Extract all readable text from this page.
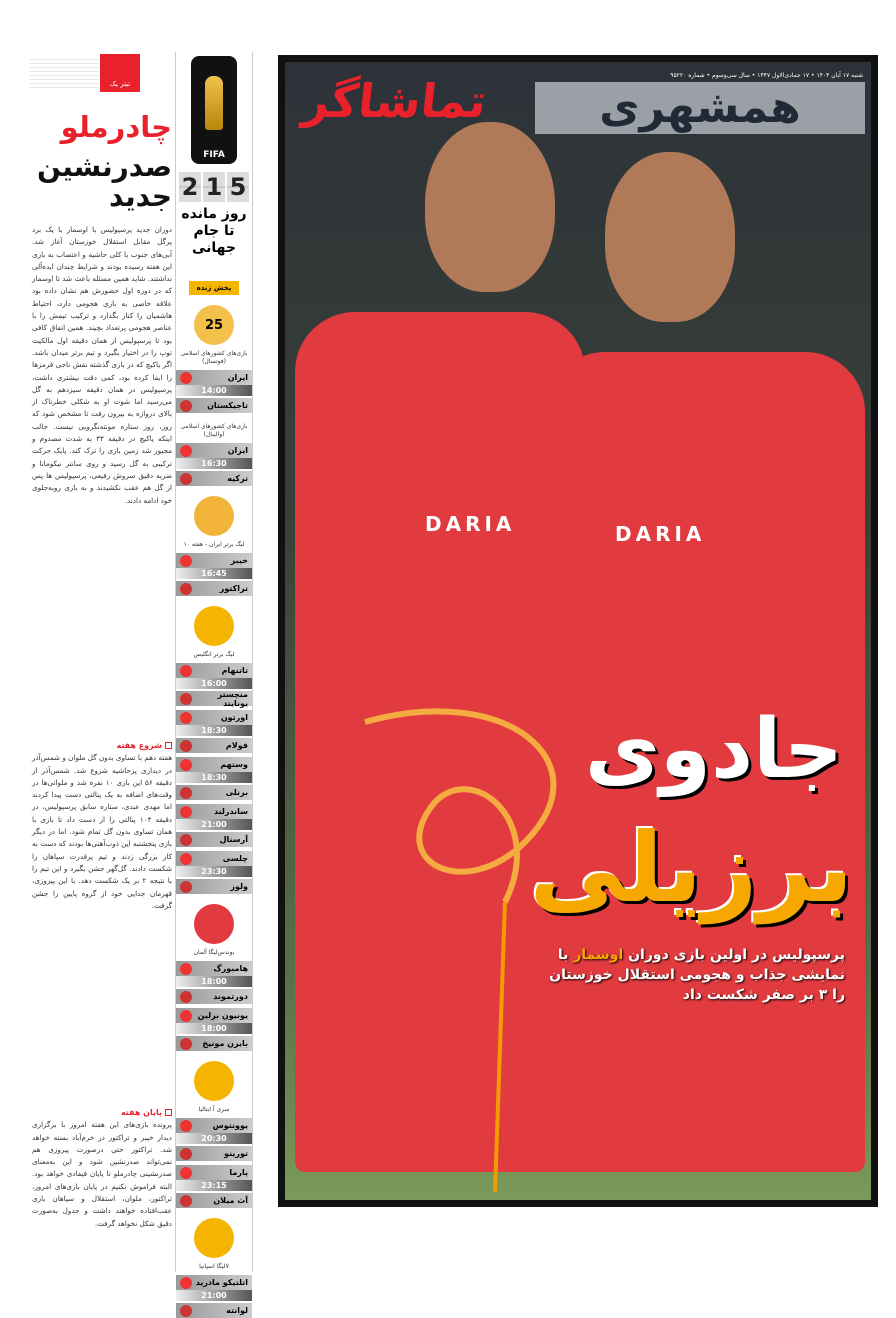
تیتر یک
چادرملو
صدرنشین جدید

دوران جدید پرسپولیس با اوسمار با یک برد پرگل مقابل استقلال خوزستان آغاز شد. آبی‌های جنوب با کلی حاشیه و اعتصاب به بازی این هفته رسیده بودند و شرایط چندان ایده‌آلی نداشتند. شاید همین مسئله باعث شد تا اوسمار که در دوره اول حضورش هم نشان داده بود علاقه خاصی به بازی هجومی دارد، احتیاط هاشمیان را کنار بگذارد و ترکیب تیمش را با عناصر هجومی پرتعداد بچیند. همین اتفاق کافی بود تا پرسپولیس از همان دقیقه اول مالکیت توپ را در اختیار بگیرد و تیم برتر میدان باشد. اگر یاکیچ که در بازی گذشته نقش ناجی قرمزها را ایفا کرده بود، کمی دقت بیشتری داشت، پرسپولیس در همان دقیقه سیزدهم به گل می‌رسید اما شوت او به شکلی خطرناک از بالای دروازه به بیرون رفت تا مشخص شود که روز، روز ستاره مونته‌نگرویی نیست. جالب اینکه یاکیچ در دقیقه ۳۴ به شدت مصدوم و مجبور شد زمین بازی را ترک کند. پایک حرکت ترکیبی به گل رسید و روی سانتر نیکومانا و ضربه دقیق سروش رفیعی، پرسپولیس ها پس از گل هم عقب نکشیدند و به بازی روبه‌جلوی خود ادامه دادند.

شروع هفته

هفته دهم با تساوی بدون گل ملوان و شمس‌آذر در دیداری پرحاشیه شروع شد. شمس‌آذر از دقیقه ۵۶ این بازی ۱۰ نفره شد و ملوانی‌ها در وقت‌های اضافه به یک پنالتی دست پیدا کردند اما مهدی عبدی، ستاره سابق پرسپولیس، در دقیقه ۱۰۴ پنالتی را از دست داد تا بازی با همان تساوی بدون گل تمام شود. اما در دیگر بازی پنجشنبه این ذوب‌آهنی‌ها بودند که دست به کار بزرگی زدند و تیم پرقدرت سپاهان را شکست دادند. گل‌گهر جشن بگیرد و این تیم را با نتیجه ۲ بر یک شکست دهد. با این پیروزی، قهرمان جدایی خود از گروه پایین را جشن گرفت.

پایان هفته

پرونده بازی‌های این هفته امروز با برگزاری دیدار خیبر و تراکتور در خرم‌آباد بسته خواهد شد. تراکتور حتی درصورت پیروزی هم نمی‌تواند صدرنشین شود و این به‌معنای صدرنشینی چادرملو تا پایان فیفادی خواهد بود. البته فراموش نکنیم در پایان بازی‌های امروز، تراکتور، ملوان، استقلال و سپاهان بازی عقب‌افتاده خواهند داشت و جدول به‌صورت دقیق شکل نخواهد گرفت.

FIFA
2 1 5
روز مانده تا جام جهانی
پخش زنده
25
بازی‌های کشورهای اسلامی (فوتسال)
ایران
14:00
تاجیکستان
بازی‌های کشورهای اسلامی (والیبال)
ایران
16:30
ترکیه
لیگ برتر ایران - هفته ۱۰
خیبر
16:45
تراکتور
لیگ برتر انگلیس
تاتنهام
16:00
منچستر یونایتد
اورتون
18:30
فولام
وستهم
18:30
برنلی
ساندرلند
21:00
آرسنال
چلسی
23:30
ولوز
بوندس‌لیگا آلمان
هامبورگ
18:00
دورتموند
یونیون برلین
18:00
بایرن مونیخ
سری آ ایتالیا
یوونتوس
20:30
تورینو
پارما
23:15
آث میلان
لالیگا اسپانیا
اتلتیکو مادرید
21:00
لوانته
DARIA	DARIA
شنبه ۱۷ آبان ۱۴۰۴ • ۱۷ جمادی‌الاول ۱۴۴۷ • سال سی‌وسوم • شماره ۹۵۲۲۰
همشهری
تماشاگر
جادوی
برزیلی
پرسپولیس در اولین بازی دوران اوسمار با نمایشی جذاب و هجومی استقلال خوزستان را ۳ بر صفر شکست داد
